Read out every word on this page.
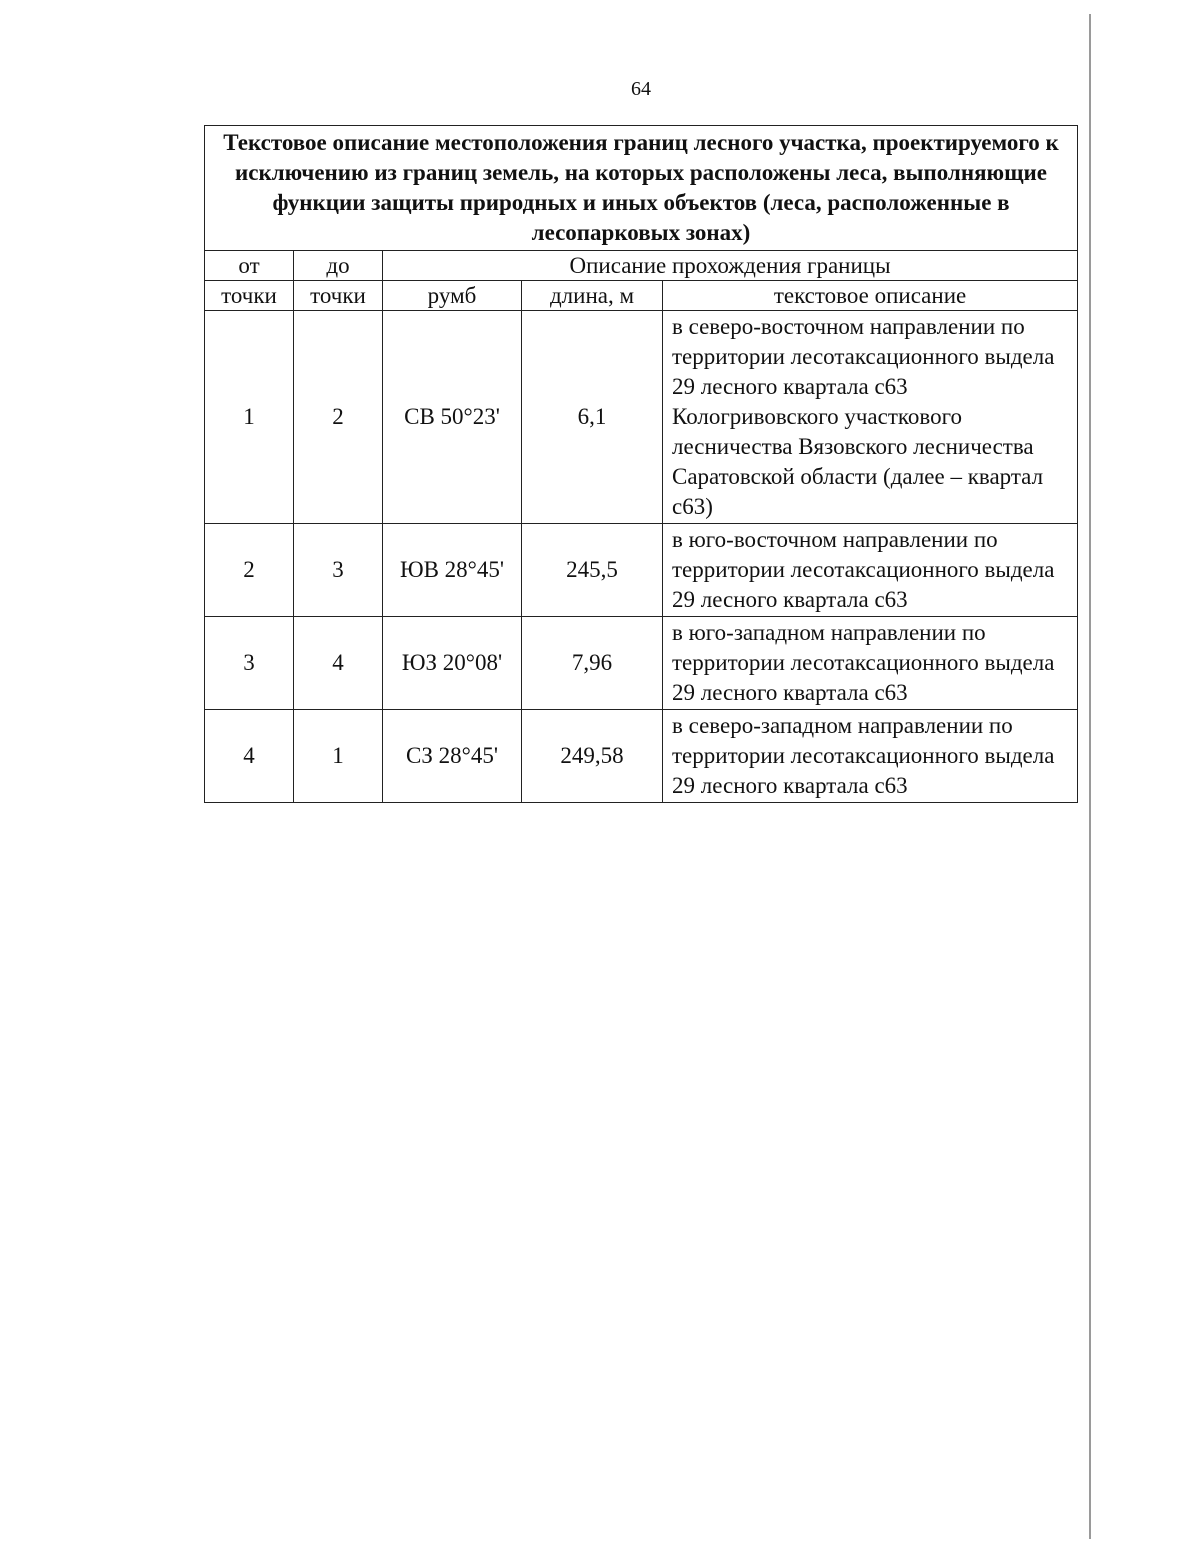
64
Текстовое описание местоположения границ лесного участка, проектируемого к исключению из границ земель, на которых расположены леса, выполняющие функции защиты природных и иных объектов (леса, расположенные в лесопарковых зонах)				
от	до	Описание прохождения границы		
точки	точки	румб	длина, м	текстовое описание
1	2	СВ 50°23'	6,1	в северо-восточном направлении по территории лесотаксационного выдела 29 лесного квартала с63 Кологривовского участкового лесничества Вязовского лесничества Саратовской области (далее – квартал с63)
2	3	ЮВ 28°45'	245,5	в юго-восточном направлении по территории лесотаксационного выдела 29 лесного квартала с63
3	4	ЮЗ 20°08'	7,96	в юго-западном направлении по территории лесотаксационного выдела 29 лесного квартала с63
4	1	СЗ 28°45'	249,58	в северо-западном направлении по территории лесотаксационного выдела 29 лесного квартала с63
